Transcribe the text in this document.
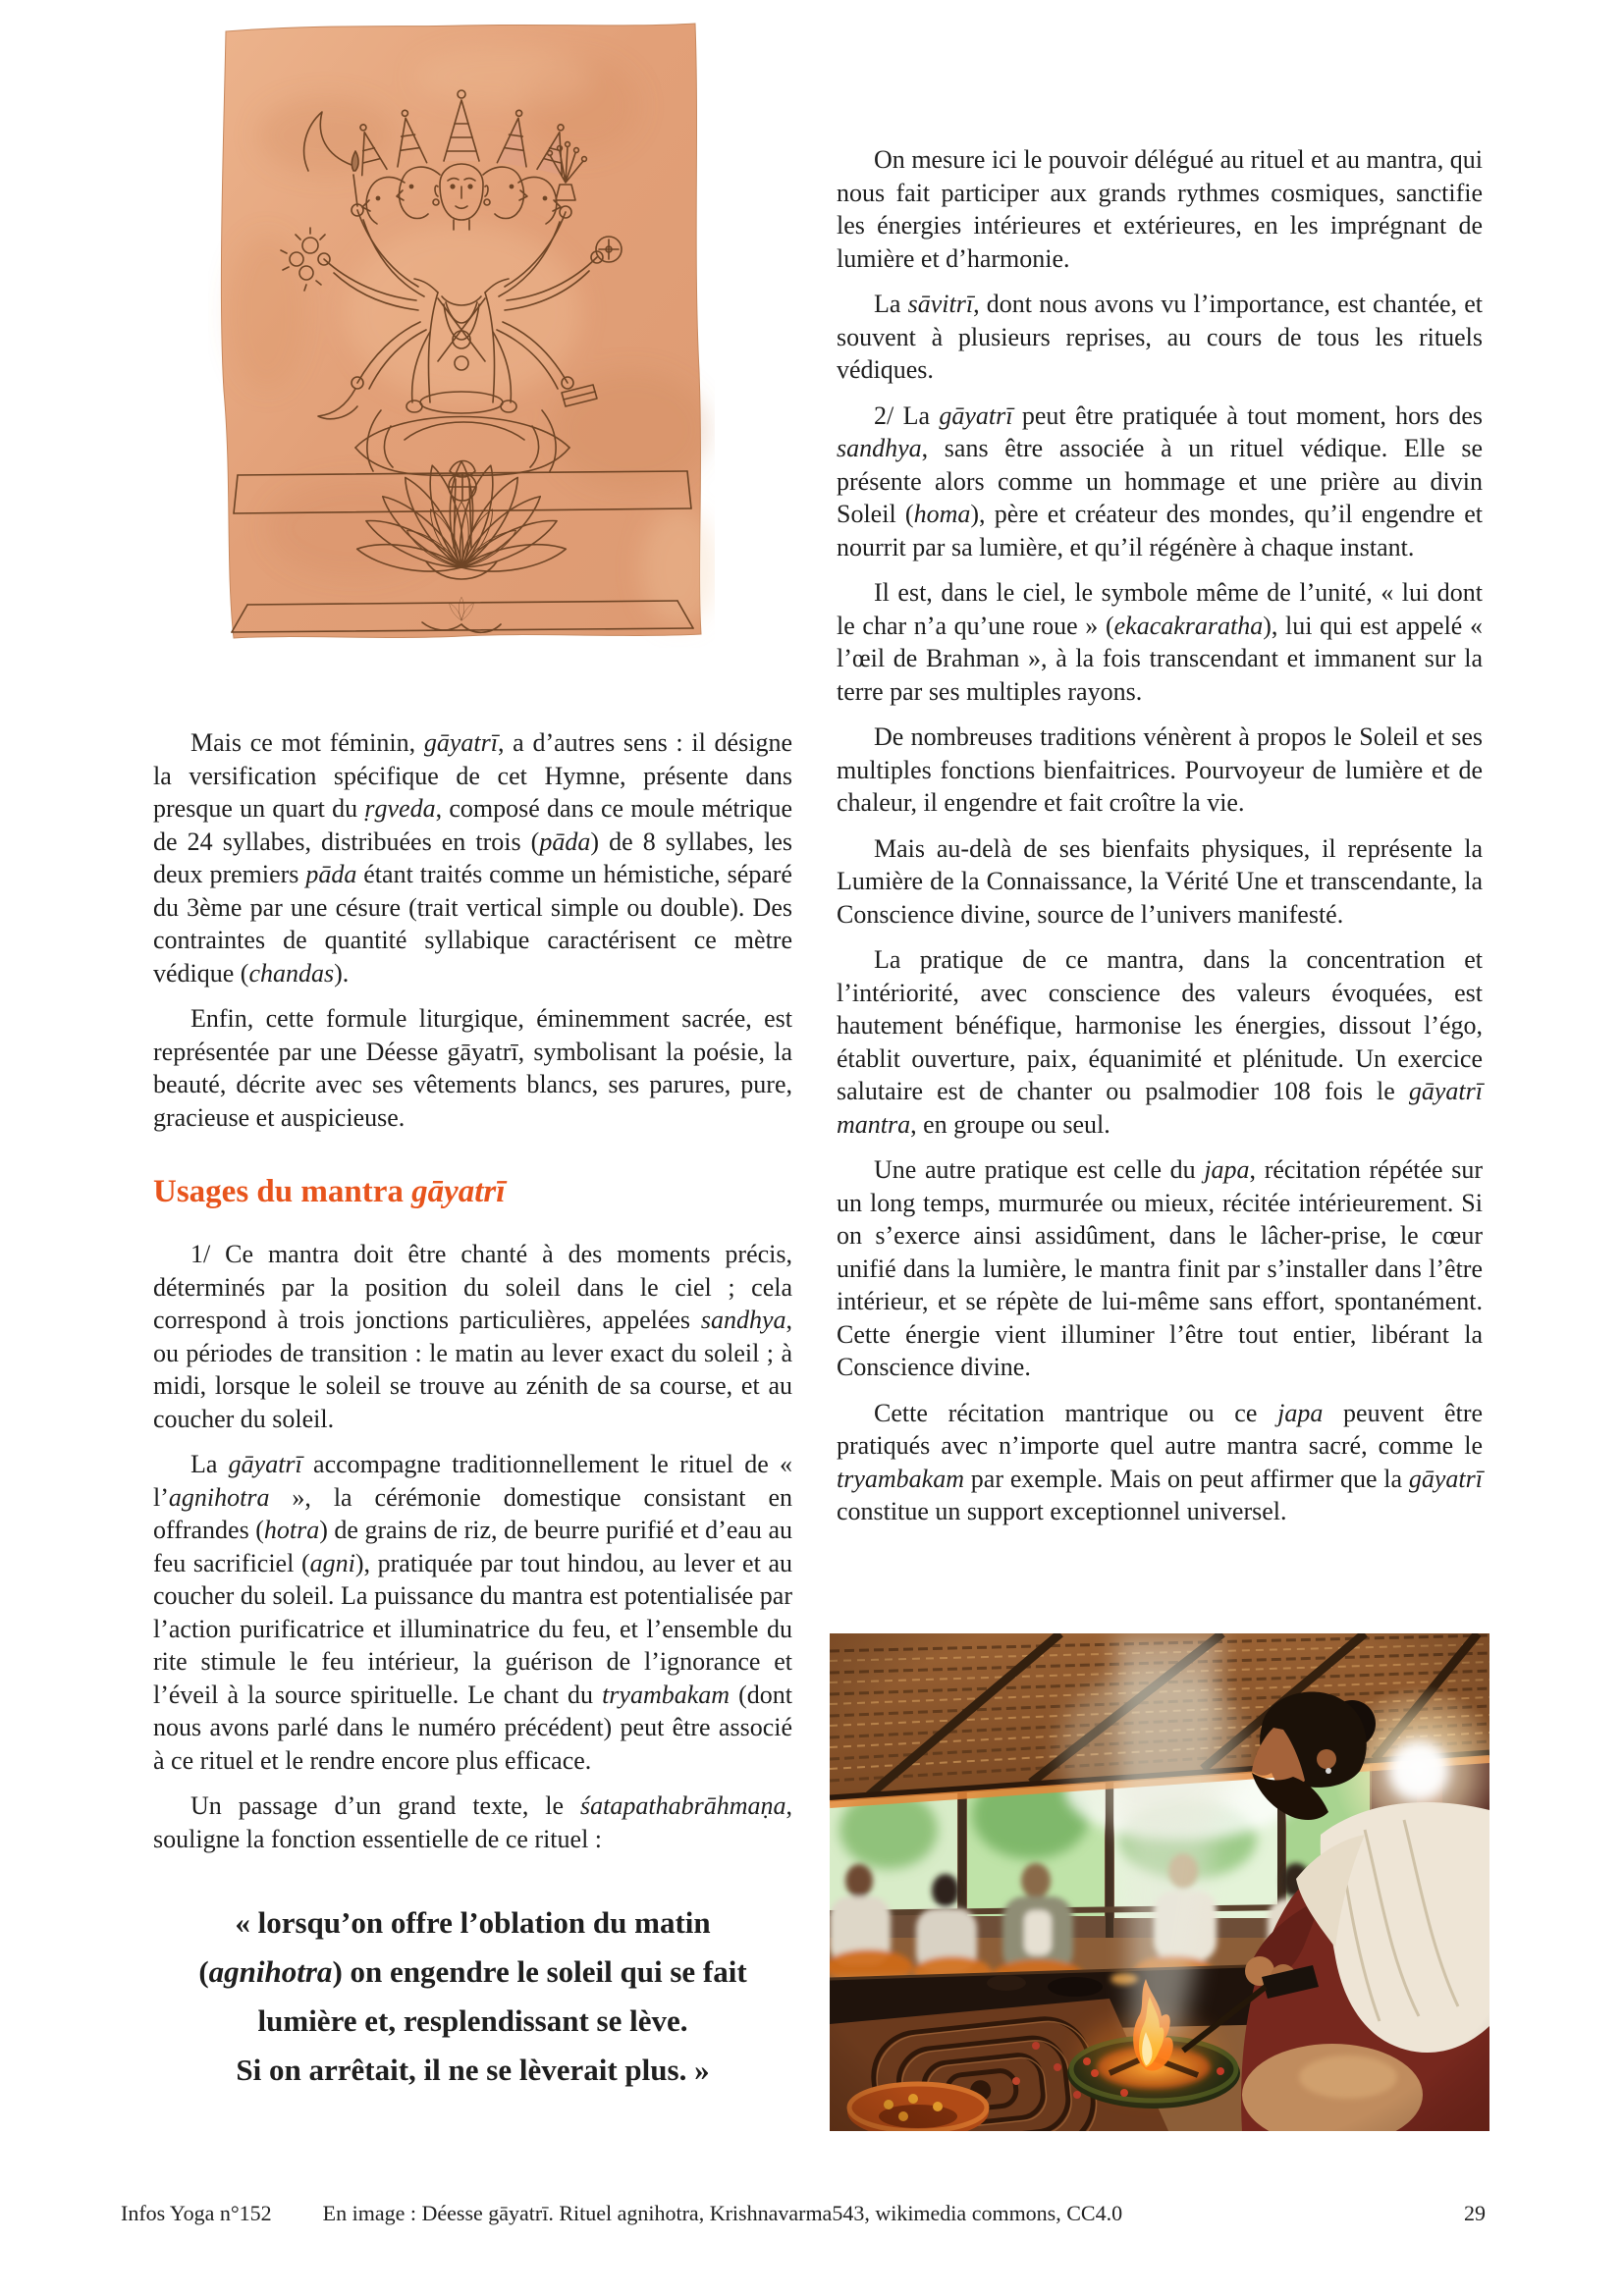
Mais ce mot féminin, gāyatrī, a d’autres sens : il désigne la versification spécifique de cet Hymne, présente dans presque un quart du ṛgveda, composé dans ce moule métrique de 24 syllabes, distribuées en trois (pāda) de 8 syllabes, les deux premiers pāda étant traités comme un hémistiche, séparé du 3ème par une césure (trait vertical simple ou double). Des contraintes de quantité syllabique caractérisent ce mètre védique (chandas).

Enfin, cette formule liturgique, éminemment sacrée, est représentée par une Déesse gāyatrī, symbolisant la poésie, la beauté, décrite avec ses vêtements blancs, ses parures, pure, gracieuse et auspicieuse.

Usages du mantra gāyatrī

1/ Ce mantra doit être chanté à des moments précis, déterminés par la position du soleil dans le ciel ; cela correspond à trois jonctions particulières, appelées sandhya, ou périodes de transition : le matin au lever exact du soleil ; à midi, lorsque le soleil se trouve au zénith de sa course, et au coucher du soleil.

La gāyatrī accompagne traditionnellement le rituel de « l’agnihotra », la cérémonie domestique consistant en offrandes (hotra) de grains de riz, de beurre purifié et d’eau au feu sacrificiel (agni), pratiquée par tout hindou, au lever et au coucher du soleil. La puissance du mantra est potentialisée par l’action purificatrice et illuminatrice du feu, et l’ensemble du rite stimule le feu intérieur, la guérison de l’ignorance et l’éveil à la source spirituelle. Le chant du tryambakam (dont nous avons parlé dans le numéro précédent) peut être associé à ce rituel et le rendre encore plus efficace.

Un passage d’un grand texte, le śatapathabrāhmaṇa, souligne la fonction essentielle de ce rituel :

« lorsqu’on offre l’oblation du matin
(agnihotra) on engendre le soleil qui se fait
lumière et, resplendissant se lève.
Si on arrêtait, il ne se lèverait plus. »

On mesure ici le pouvoir délégué au rituel et au mantra, qui nous fait participer aux grands rythmes cosmiques, sanctifie les énergies intérieures et extérieures, en les imprégnant de lumière et d’harmonie.

La sāvitrī, dont nous avons vu l’importance, est chantée, et souvent à plusieurs reprises, au cours de tous les rituels védiques.

2/ La gāyatrī peut être pratiquée à tout moment, hors des sandhya, sans être associée à un rituel védique. Elle se présente alors comme un hommage et une prière au divin Soleil (homa), père et créateur des mondes, qu’il engendre et nourrit par sa lumière, et qu’il régénère à chaque instant.

Il est, dans le ciel, le symbole même de l’unité, « lui dont le char n’a qu’une roue » (ekacakraratha), lui qui est appelé « l’œil de Brahman », à la fois transcendant et immanent sur la terre par ses multiples rayons.

De nombreuses traditions vénèrent à propos le Soleil et ses multiples fonctions bienfaitrices. Pourvoyeur de lumière et de chaleur, il engendre et fait croître la vie.

Mais au-delà de ses bienfaits physiques, il représente la Lumière de la Connaissance, la Vérité Une et transcendante, la Conscience divine, source de l’univers manifesté.

La pratique de ce mantra, dans la concentration et l’intériorité, avec conscience des valeurs évoquées, est hautement bénéfique, harmonise les énergies, dissout l’égo, établit ouverture, paix, équanimité et plénitude. Un exercice salutaire est de chanter ou psalmodier 108 fois le gāyatrī mantra, en groupe ou seul.

Une autre pratique est celle du japa, récitation répétée sur un long temps, murmurée ou mieux, récitée intérieurement. Si on s’exerce ainsi assidûment, dans le lâcher-prise, le cœur unifié dans la lumière, le mantra finit par s’installer dans l’être intérieur, et se répète de lui-même sans effort, spontanément. Cette énergie vient illuminer l’être tout entier, libérant la Conscience divine.

Cette récitation mantrique ou ce japa peuvent être pratiqués avec n’importe quel autre mantra sacré, comme le tryambakam par exemple. Mais on peut affirmer que la gāyatrī constitue un support exceptionnel universel.

Infos Yoga n°152 En image : Déesse gāyatrī. Rituel agnihotra, Krishnavarma543, wikimedia commons, CC4.0	29
